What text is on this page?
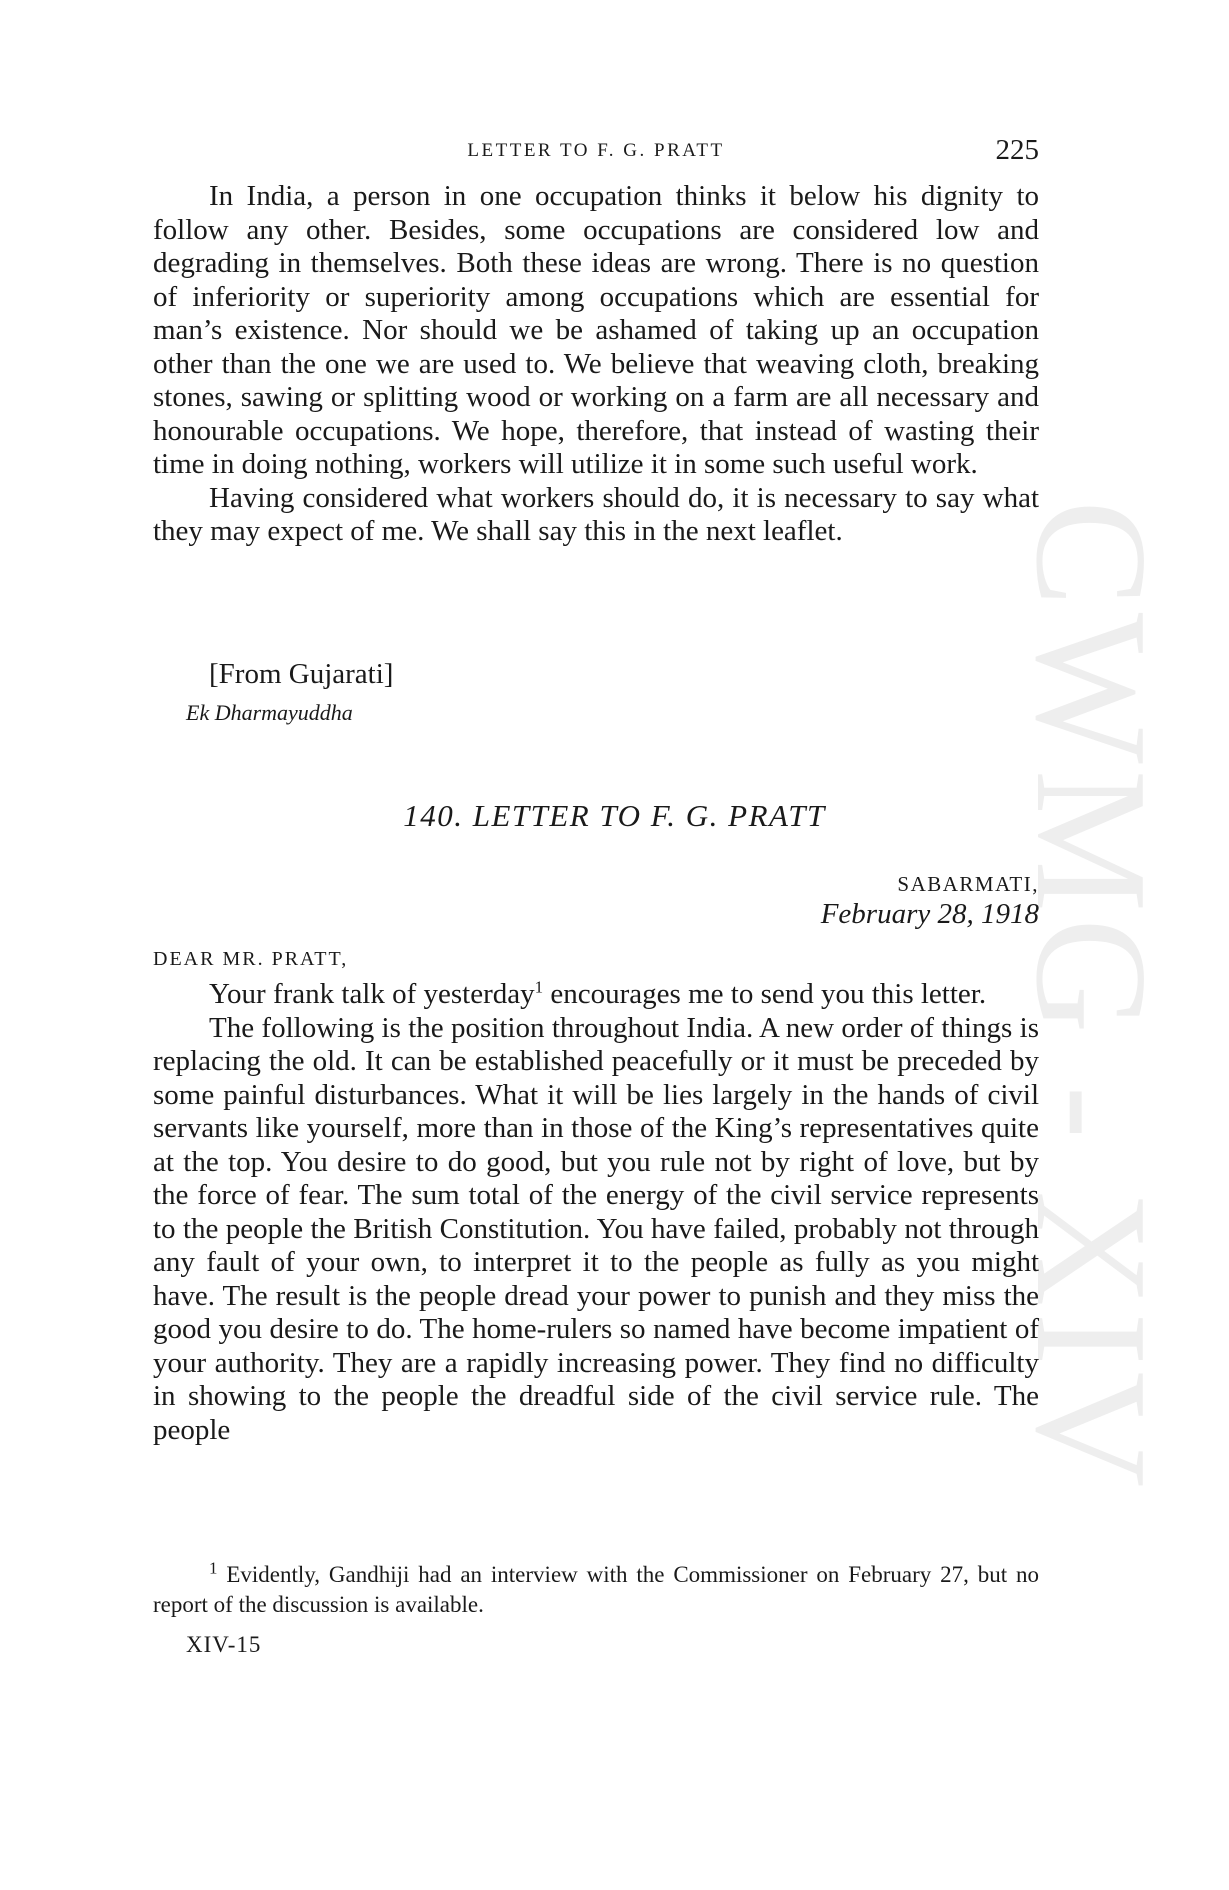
CWMG - XIV
LETTER TO F. G. PRATT	225

In India, a person in one occupation thinks it below his dignity to follow any other. Besides, some occupations are considered low and degrading in themselves. Both these ideas are wrong. There is no question of inferiority or superiority among occupations which are essential for man’s existence. Nor should we be ashamed of taking up an occupation other than the one we are used to. We believe that weaving cloth, breaking stones, sawing or splitting wood or working on a farm are all necessary and honourable occupations. We hope, therefore, that instead of wasting their time in doing nothing, workers will utilize it in some such useful work.

Having considered what workers should do, it is necessary to say what they may expect of me. We shall say this in the next leaflet.

[From Gujarati]
Ek Dharmayuddha
140. LETTER TO F. G. PRATT
SABARMATI,
February 28, 1918
DEAR MR. PRATT,

Your frank talk of yesterday$^1$ encourages me to send you this letter.

The following is the position throughout India. A new order of things is replacing the old. It can be established peacefully or it must be preceded by some painful disturbances. What it will be lies largely in the hands of civil servants like yourself, more than in those of the King’s representatives quite at the top. You desire to do good, but you rule not by right of love, but by the force of fear. The sum total of the energy of the civil service represents to the people the British Constitution. You have failed, probably not through any fault of your own, to interpret it to the people as fully as you might have. The result is the people dread your power to punish and they miss the good you desire to do. The home-rulers so named have become impatient of your authority. They are a rapidly increasing power. They find no difficulty in showing to the people the dreadful side of the civil service rule. The people

$^1$ Evidently, Gandhiji had an interview with the Commissioner on February 27, but no report of the discussion is available.

XIV-15
